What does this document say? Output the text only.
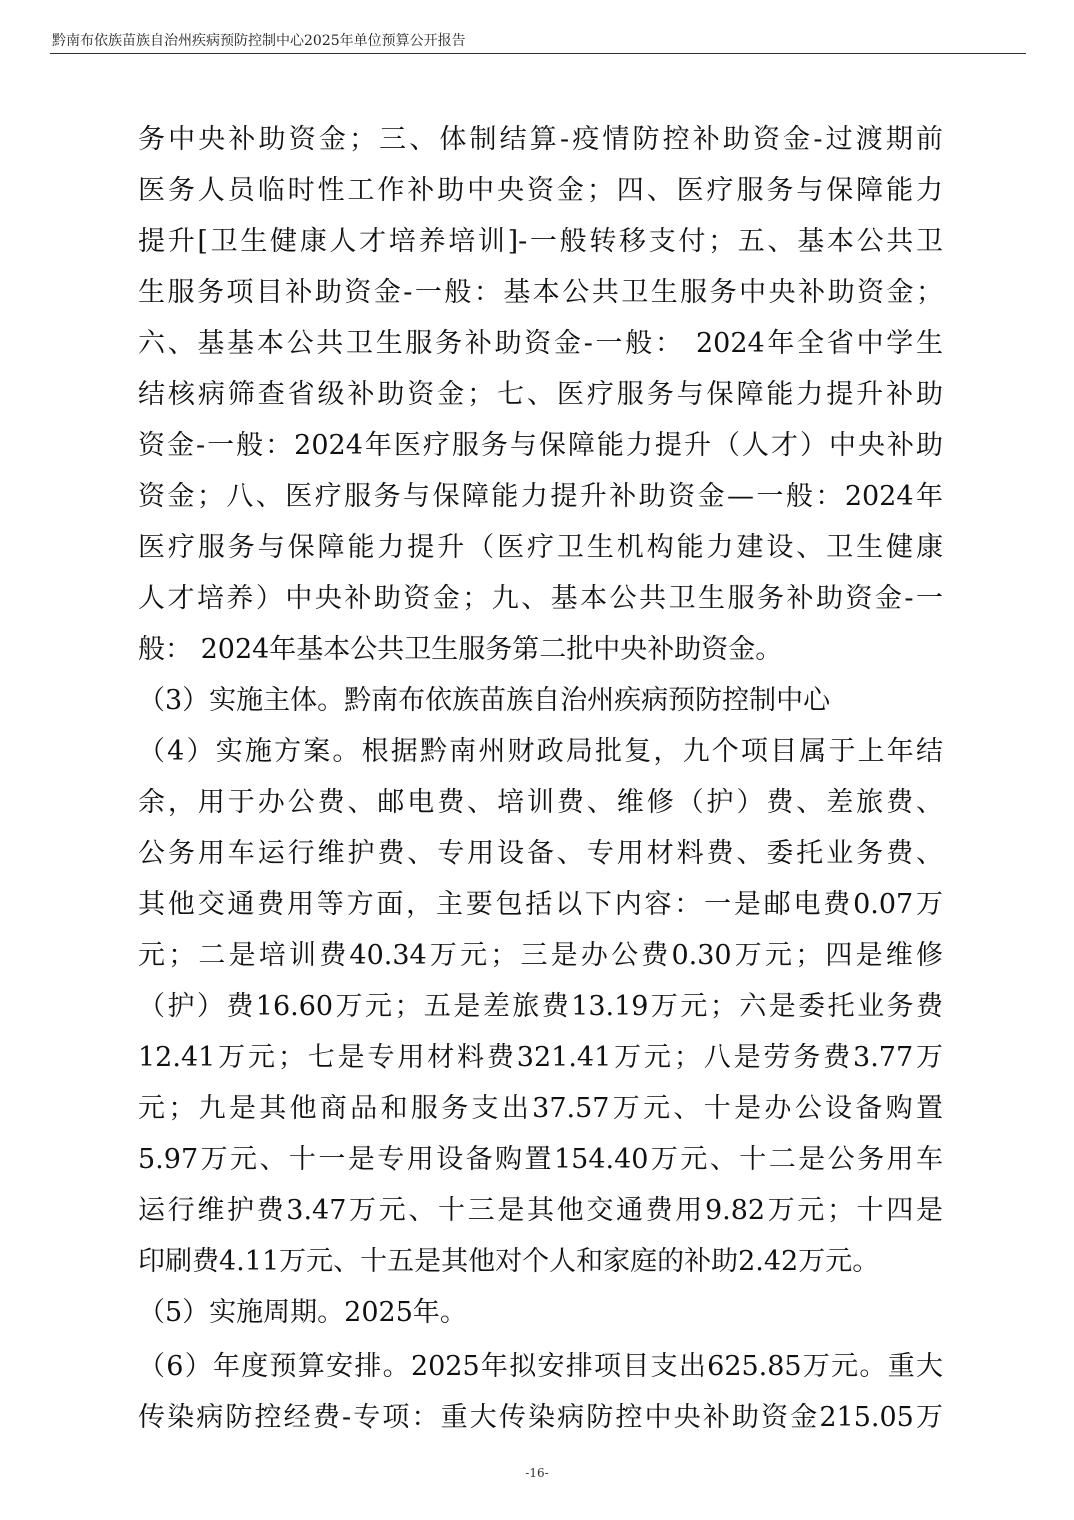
黔南布依族苗族自治州疾病预防控制中心2025年单位预算公开报告
务中央补助资金；三、体制结算-疫情防控补助资金-过渡期前
医务人员临时性工作补助中央资金；四、医疗服务与保障能力
提升[卫生健康人才培养培训]-一般转移支付；五、基本公共卫
生服务项目补助资金-一般：基本公共卫生服务中央补助资金；
六、基基本公共卫生服务补助资金-一般： 2024年全省中学生
结核病筛查省级补助资金；七、医疗服务与保障能力提升补助
资金-一般：2024年医疗服务与保障能力提升（人才）中央补助
资金；八、医疗服务与保障能力提升补助资金—一般：2024年
医疗服务与保障能力提升（医疗卫生机构能力建设、卫生健康
人才培养）中央补助资金；九、基本公共卫生服务补助资金-一
般： 2024年基本公共卫生服务第二批中央补助资金。
（3）实施主体。黔南布依族苗族自治州疾病预防控制中心
（4）实施方案。根据黔南州财政局批复，九个项目属于上年结
余，用于办公费、邮电费、培训费、维修（护）费、差旅费、
公务用车运行维护费、专用设备、专用材料费、委托业务费、
其他交通费用等方面，主要包括以下内容：一是邮电费0.07万
元；二是培训费40.34万元；三是办公费0.30万元；四是维修
（护）费16.60万元；五是差旅费13.19万元；六是委托业务费
12.41万元；七是专用材料费321.41万元；八是劳务费3.77万
元；九是其他商品和服务支出37.57万元、十是办公设备购置
5.97万元、十一是专用设备购置154.40万元、十二是公务用车
运行维护费3.47万元、十三是其他交通费用9.82万元；十四是
印刷费4.11万元、十五是其他对个人和家庭的补助2.42万元。
（5）实施周期。2025年。
（6）年度预算安排。2025年拟安排项目支出625.85万元。重大
传染病防控经费-专项：重大传染病防控中央补助资金215.05万
-16-
